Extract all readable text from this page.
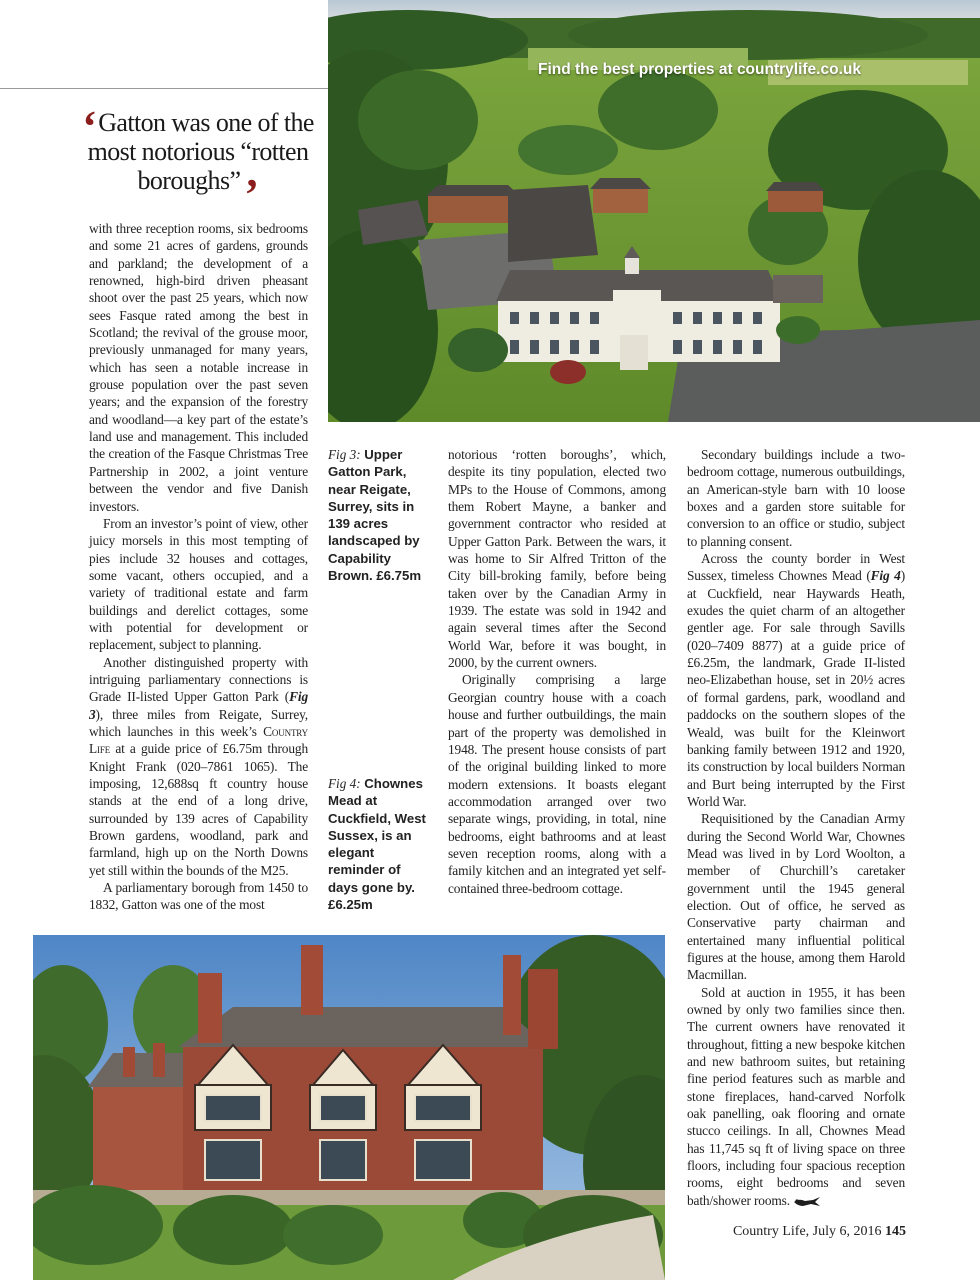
Find the best properties at countrylife.co.uk
‘Gatton was one of the most notorious “rotten boroughs”’

with three reception rooms, six bedrooms and some 21 acres of gardens, grounds and parkland; the development of a renowned, high-bird driven pheasant shoot over the past 25 years, which now sees Fasque rated among the best in Scotland; the revival of the grouse moor, previously unmanaged for many years, which has seen a notable increase in grouse population over the past seven years; and the expansion of the forestry and woodland—a key part of the estate’s land use and management. This included the creation of the Fasque Christmas Tree Partnership in 2002, a joint venture between the vendor and five Danish investors.

From an investor’s point of view, other juicy morsels in this most tempting of pies include 32 houses and cottages, some vacant, others occupied, and a variety of traditional estate and farm buildings and derelict cottages, some with potential for development or replacement, subject to planning.

Another distinguished property with intriguing parliamentary connections is Grade II-listed Upper Gatton Park (Fig 3), three miles from Reigate, Surrey, which launches in this week’s Country Life at a guide price of £6.75m through Knight Frank (020–7861 1065). The imposing, 12,688sq ft country house stands at the end of a long drive, surrounded by 139 acres of Capability Brown gardens, woodland, park and farmland, high up on the North Downs yet still within the bounds of the M25.

A parliamentary borough from 1450 to 1832, Gatton was one of the most

Fig 3: Upper Gatton Park, near Reigate, Surrey, sits in 139 acres landscaped by Capability Brown. £6.75m
Fig 4: Chownes Mead at Cuckfield, West Sussex, is an elegant reminder of days gone by. £6.25m

notorious ‘rotten boroughs’, which, despite its tiny population, elected two MPs to the House of Commons, among them Robert Mayne, a banker and government contractor who resided at Upper Gatton Park. Between the wars, it was home to Sir Alfred Tritton of the City bill-broking family, before being taken over by the Canadian Army in 1939. The estate was sold in 1942 and again several times after the Second World War, before it was bought, in 2000, by the current owners.

Originally comprising a large Georgian country house with a coach house and further outbuildings, the main part of the property was demolished in 1948. The present house consists of part of the original building linked to more modern extensions. It boasts elegant accommodation arranged over two separate wings, providing, in total, nine bedrooms, eight bathrooms and at least seven reception rooms, along with a family kitchen and an integrated yet self-contained three-bedroom cottage.

Secondary buildings include a two-bedroom cottage, numerous outbuildings, an American-style barn with 10 loose boxes and a garden store suitable for conversion to an office or studio, subject to planning consent.

Across the county border in West Sussex, timeless Chownes Mead (Fig 4) at Cuckfield, near Haywards Heath, exudes the quiet charm of an altogether gentler age. For sale through Savills (020–7409 8877) at a guide price of £6.25m, the landmark, Grade II-listed neo-Elizabethan house, set in 20½ acres of formal gardens, park, woodland and paddocks on the southern slopes of the Weald, was built for the Kleinwort banking family between 1912 and 1920, its construction by local builders Norman and Burt being interrupted by the First World War.

Requisitioned by the Canadian Army during the Second World War, Chownes Mead was lived in by Lord Woolton, a member of Churchill’s caretaker government until the 1945 general election. Out of office, he served as Conservative party chairman and entertained many influential political figures at the house, among them Harold Macmillan.

Sold at auction in 1955, it has been owned by only two families since then. The current owners have renovated it throughout, fitting a new bespoke kitchen and new bathroom suites, but retaining fine period features such as marble and stone fireplaces, hand-carved Norfolk oak panelling, oak flooring and ornate stucco ceilings. In all, Chownes Mead has 11,745 sq ft of living space on three floors, including four spacious reception rooms, eight bedrooms and seven bath/shower rooms.

Country Life, July 6, 2016 145
